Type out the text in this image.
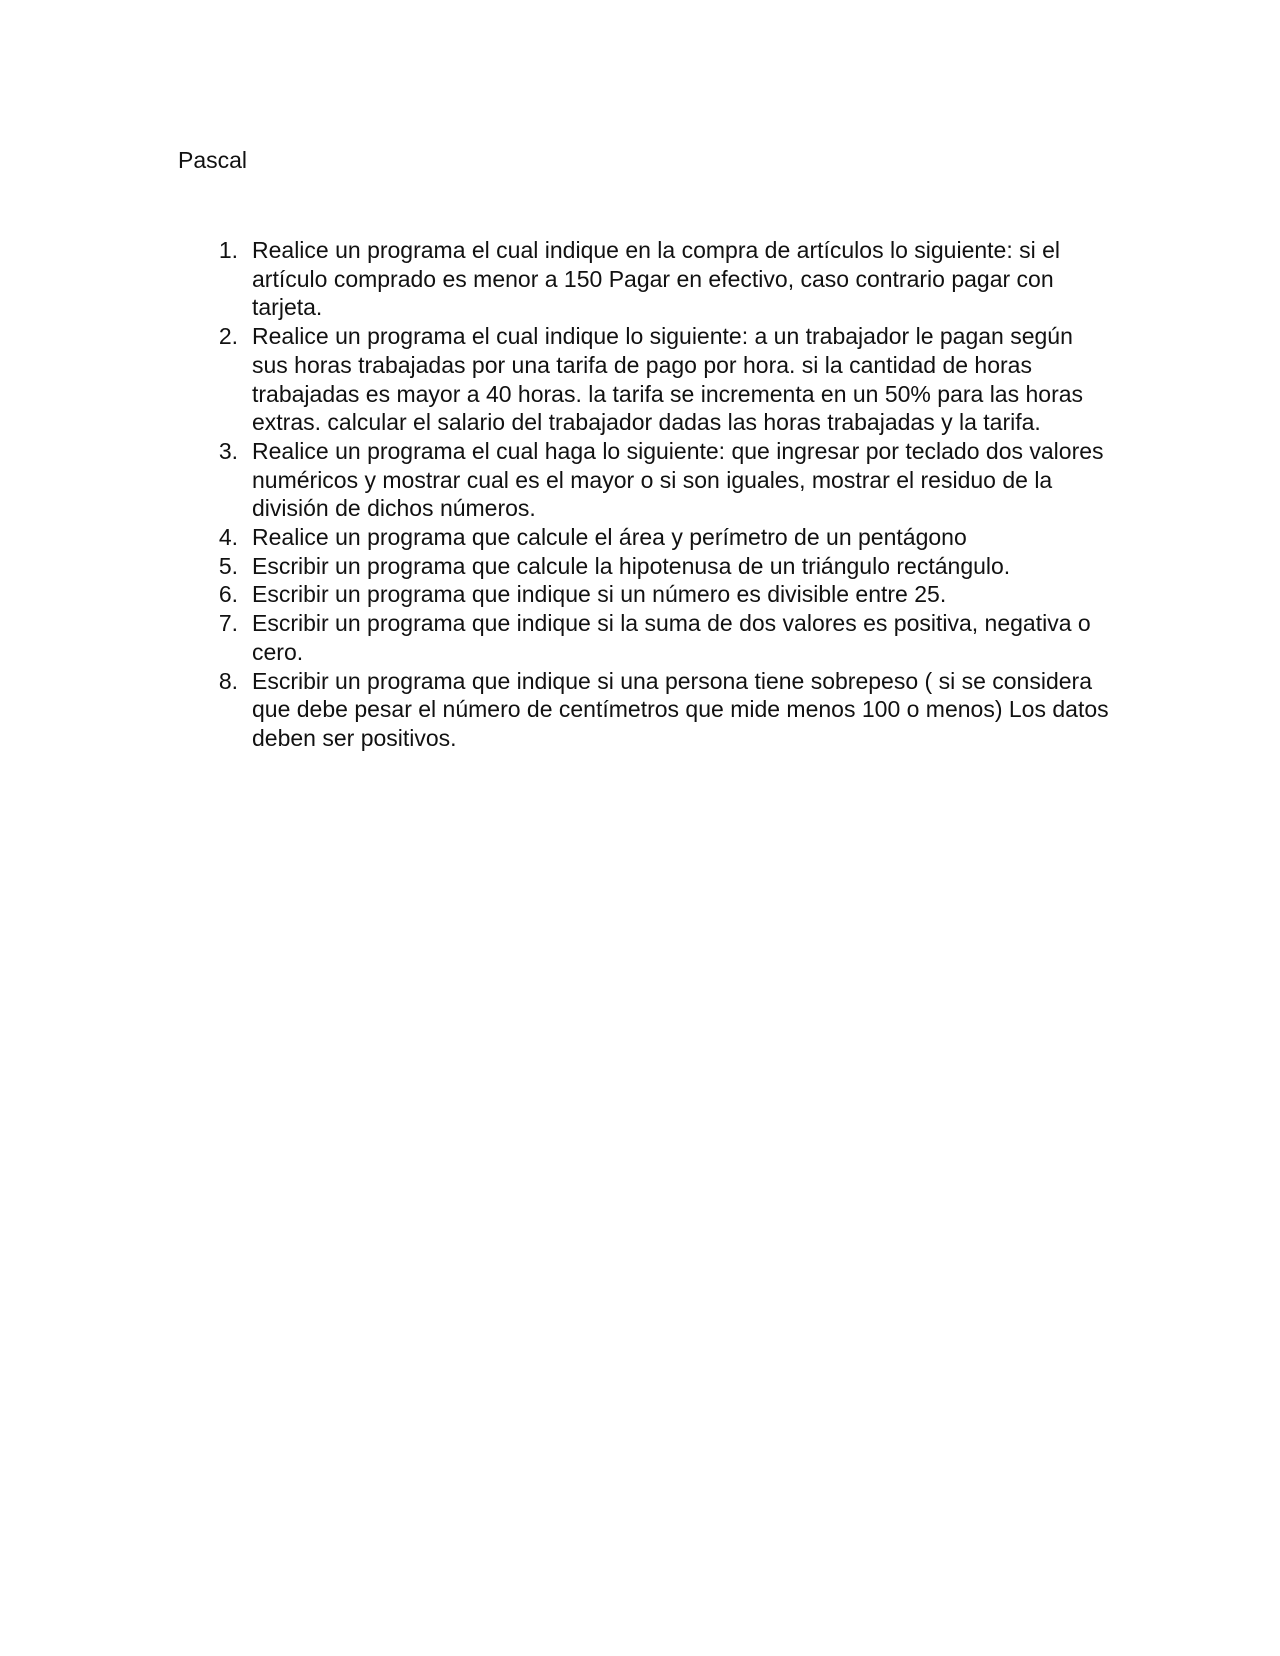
Pascal
1. Realice un programa el cual indique en la compra de artículos lo siguiente: si el artículo comprado es menor a 150 Pagar en efectivo, caso contrario pagar con tarjeta.
2. Realice un programa el cual indique lo siguiente: a un trabajador le pagan según sus horas trabajadas por una tarifa de pago por hora. si la cantidad de horas trabajadas es mayor a 40 horas. la tarifa se incrementa en un 50% para las horas extras. calcular el salario del trabajador dadas las horas trabajadas y la tarifa.
3. Realice un programa el cual haga lo siguiente: que ingresar por teclado dos valores numéricos y mostrar cual es el mayor o si son iguales, mostrar el residuo de la división de dichos números.
4. Realice un programa que calcule el área y perímetro de un pentágono
5. Escribir un programa que calcule la hipotenusa de un triángulo rectángulo.
6. Escribir un programa que indique si un número es divisible entre 25.
7. Escribir un programa que indique si la suma de dos valores es positiva, negativa o cero.
8. Escribir un programa que indique si una persona tiene sobrepeso ( si se considera que debe pesar el número de centímetros que mide menos 100 o menos) Los datos deben ser positivos.
